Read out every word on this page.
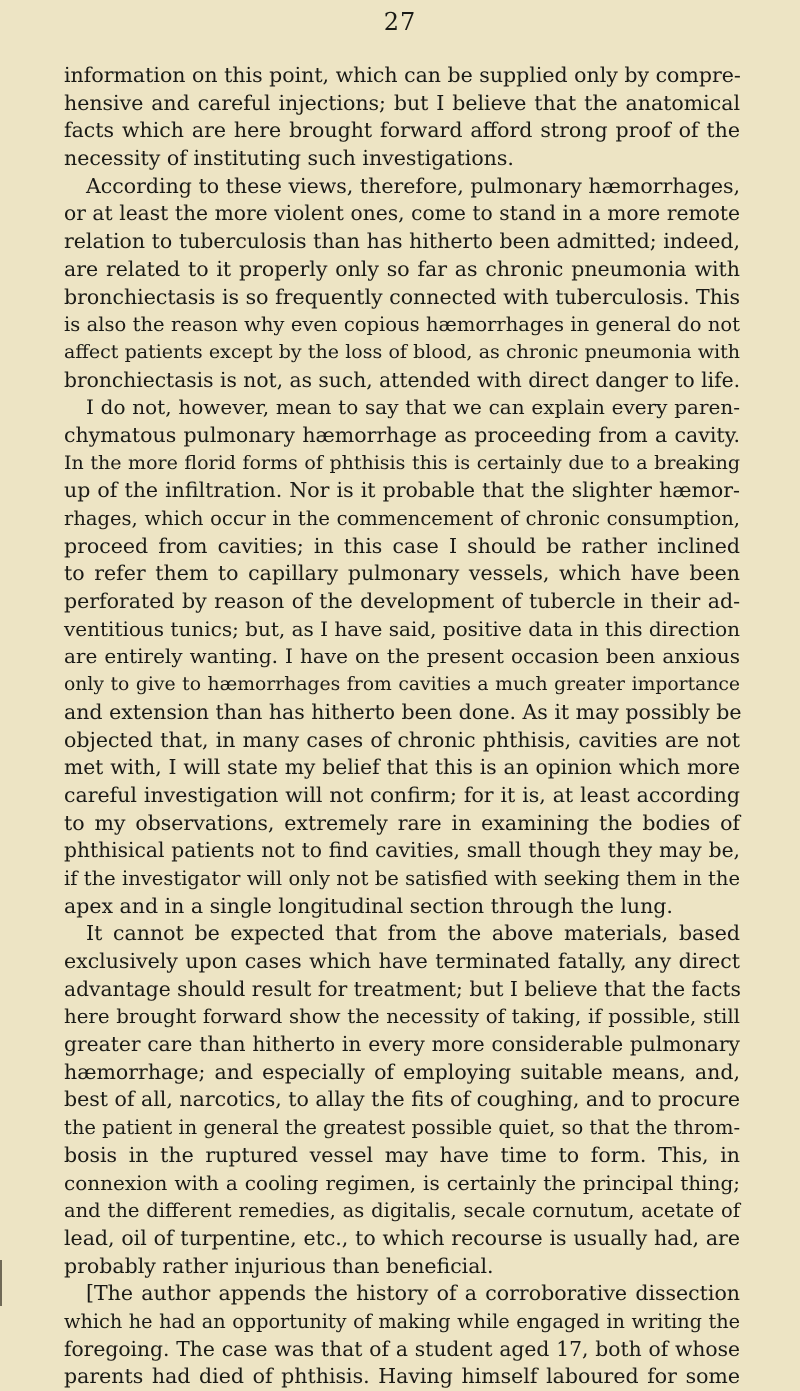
27
information on this point, which can be supplied only by compre-
hensive and careful injections; but I believe that the anatomical
facts which are here brought forward afford strong proof of the
necessity of instituting such investigations.
According to these views, therefore, pulmonary hæmorrhages,
or at least the more violent ones, come to stand in a more remote
relation to tuberculosis than has hitherto been admitted; indeed,
are related to it properly only so far as chronic pneumonia with
bronchiectasis is so frequently connected with tuberculosis. This
is also the reason why even copious hæmorrhages in general do not
affect patients except by the loss of blood, as chronic pneumonia with
bronchiectasis is not, as such, attended with direct danger to life.
I do not, however, mean to say that we can explain every paren-
chymatous pulmonary hæmorrhage as proceeding from a cavity.
In the more florid forms of phthisis this is certainly due to a breaking
up of the infiltration. Nor is it probable that the slighter hæmor-
rhages, which occur in the commencement of chronic consumption,
proceed from cavities; in this case I should be rather inclined
to refer them to capillary pulmonary vessels, which have been
perforated by reason of the development of tubercle in their ad-
ventitious tunics; but, as I have said, positive data in this direction
are entirely wanting. I have on the present occasion been anxious
only to give to hæmorrhages from cavities a much greater importance
and extension than has hitherto been done. As it may possibly be
objected that, in many cases of chronic phthisis, cavities are not
met with, I will state my belief that this is an opinion which more
careful investigation will not confirm; for it is, at least according
to my observations, extremely rare in examining the bodies of
phthisical patients not to find cavities, small though they may be,
if the investigator will only not be satisfied with seeking them in the
apex and in a single longitudinal section through the lung.
It cannot be expected that from the above materials, based
exclusively upon cases which have terminated fatally, any direct
advantage should result for treatment; but I believe that the facts
here brought forward show the necessity of taking, if possible, still
greater care than hitherto in every more considerable pulmonary
hæmorrhage; and especially of employing suitable means, and,
best of all, narcotics, to allay the fits of coughing, and to procure
the patient in general the greatest possible quiet, so that the throm-
bosis in the ruptured vessel may have time to form. This, in
connexion with a cooling regimen, is certainly the principal thing;
and the different remedies, as digitalis, secale cornutum, acetate of
lead, oil of turpentine, etc., to which recourse is usually had, are
probably rather injurious than beneficial.
[The author appends the history of a corroborative dissection
which he had an opportunity of making while engaged in writing the
foregoing. The case was that of a student aged 17, both of whose
parents had died of phthisis. Having himself laboured for some
